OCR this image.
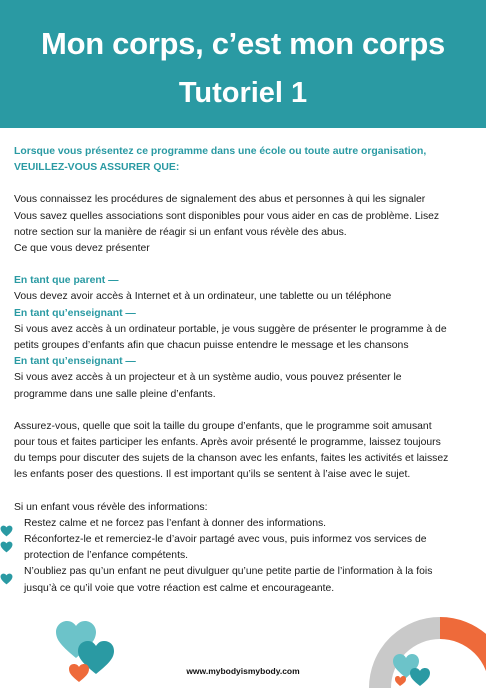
Mon corps, c’est mon corps
Tutoriel 1

Lorsque vous présentez ce programme dans une école ou toute autre organisation,

VEUILLEZ-VOUS ASSURER QUE:

Vous connaissez les procédures de signalement des abus et personnes à qui les signaler

Vous savez quelles associations sont disponibles pour vous aider en cas de problème. Lisez

notre section sur la manière de réagir si un enfant vous révèle des abus.

Ce que vous devez présenter

En tant que parent —

Vous devez avoir accès à Internet et à un ordinateur, une tablette ou un téléphone

En tant qu’enseignant —

Si vous avez accès à un ordinateur portable, je vous suggère de présenter le programme à de

petits groupes d’enfants afin que chacun puisse entendre le message et les chansons

En tant qu’enseignant —

Si vous avez accès à un projecteur et à un système audio, vous pouvez présenter le

programme dans une salle pleine d’enfants.

Assurez-vous, quelle que soit la taille du groupe d’enfants, que le programme soit amusant

pour tous et faites participer les enfants. Après avoir présenté le programme, laissez toujours

du temps pour discuter des sujets de la chanson avec les enfants, faites les activités et laissez

les enfants poser des questions. Il est important qu’ils se sentent à l’aise avec le sujet.

Si un enfant vous révèle des informations:

Restez calme et ne forcez pas l’enfant à donner des informations.
Réconfortez-le et remerciez-le d’avoir partagé avec vous, puis informez vos services de
protection de l’enfance compétents.
N’oubliez pas qu’un enfant ne peut divulguer qu’une petite partie de l’information à la fois
jusqu’à ce qu’il voie que votre réaction est calme et encourageante.
www.mybodyismybody.com
